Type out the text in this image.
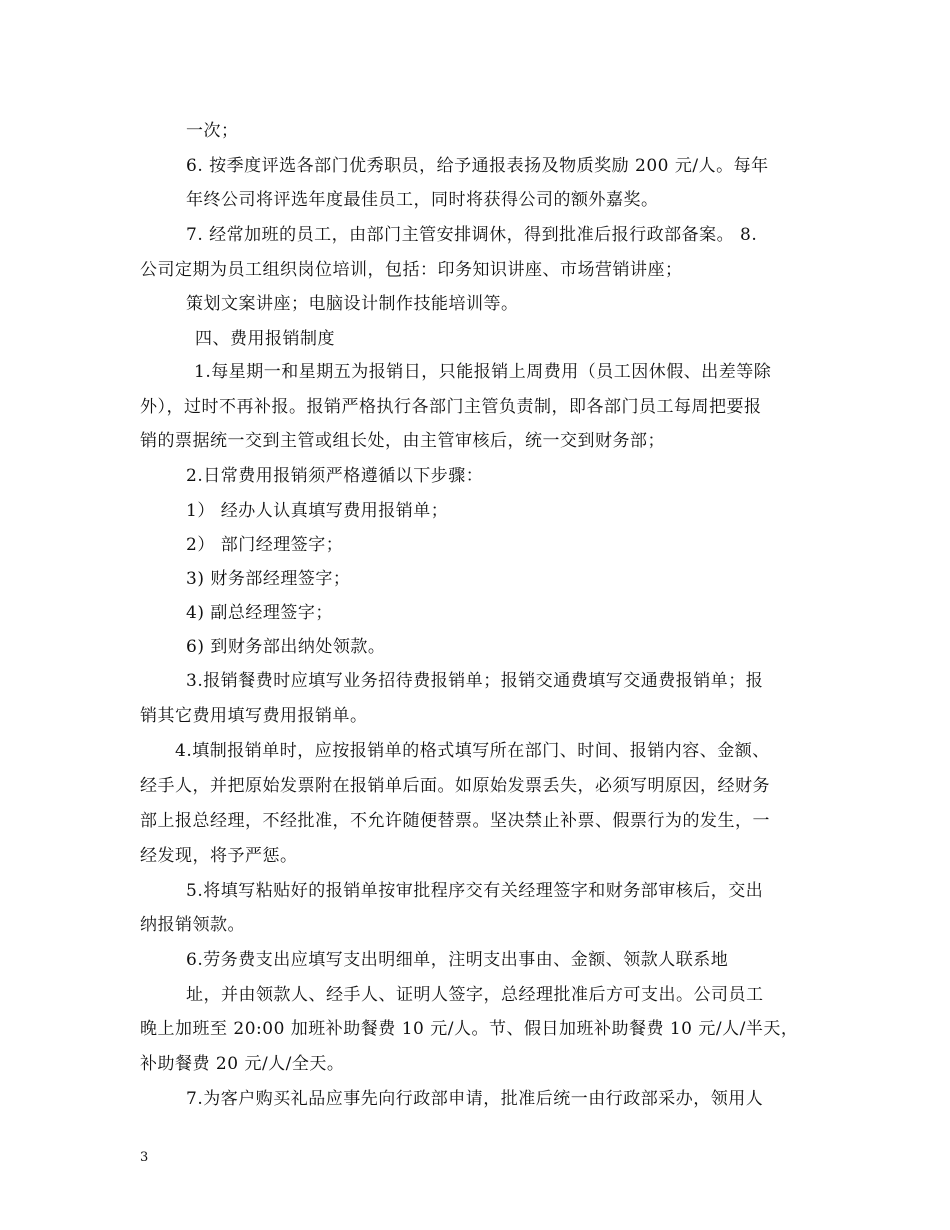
一次；
6. 按季度评选各部门优秀职员，给予通报表扬及物质奖励 200 元/人。每年
年终公司将评选年度最佳员工，同时将获得公司的额外嘉奖。
7. 经常加班的员工，由部门主管安排调休，得到批准后报行政部备案。 8.
公司定期为员工组织岗位培训，包括：印务知识讲座、市场营销讲座；
策划文案讲座；电脑设计制作技能培训等。
四、费用报销制度
1.每星期一和星期五为报销日，只能报销上周费用（员工因休假、出差等除
外），过时不再补报。报销严格执行各部门主管负责制，即各部门员工每周把要报
销的票据统一交到主管或组长处，由主管审核后，统一交到财务部；
2.日常费用报销须严格遵循以下步骤：
1） 经办人认真填写费用报销单；
2） 部门经理签字；
3) 财务部经理签字；
4) 副总经理签字；
6) 到财务部出纳处领款。
3.报销餐费时应填写业务招待费报销单；报销交通费填写交通费报销单；报
销其它费用填写费用报销单。
4.填制报销单时，应按报销单的格式填写所在部门、时间、报销内容、金额、
经手人，并把原始发票附在报销单后面。如原始发票丢失，必须写明原因，经财务
部上报总经理，不经批准，不允许随便替票。坚决禁止补票、假票行为的发生，一
经发现，将予严惩。
5.将填写粘贴好的报销单按审批程序交有关经理签字和财务部审核后，交出
纳报销领款。
6.劳务费支出应填写支出明细单，注明支出事由、金额、领款人联系地
址，并由领款人、经手人、证明人签字，总经理批准后方可支出。公司员工
晚上加班至 20:00 加班补助餐费 10 元/人。节、假日加班补助餐费 10 元/人/半天，
补助餐费 20 元/人/全天。
7.为客户购买礼品应事先向行政部申请，批准后统一由行政部采办，领用人
3
